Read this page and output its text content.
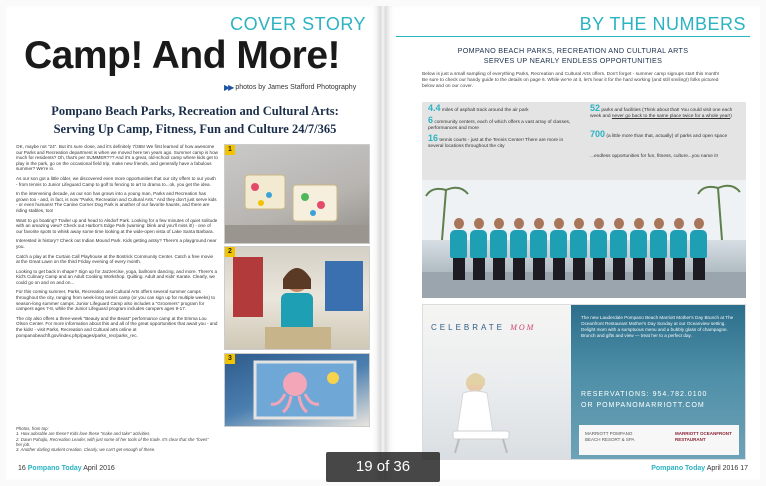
COVER STORY
Camp! And More!
▶▶ photos by James Stafford Photography
Pompano Beach Parks, Recreation and Cultural Arts:
Serving Up Camp, Fitness, Fun and Culture 24/7/365

OK, maybe not "24". But it's sure close, and it's definitely 7/365! We first learned of how awesome our Parks and Recreation department is when we moved here ten years ago. Summer camp is how much for residents? Oh, that's per SUMMER??? And it's a great, old-school camp where kids get to play in the park, go on the occasional field trip, make new friends, and generally have a fabulous summer? We're in.

As our son got a little older, we discovered even more opportunities that our city offers to our youth - from tennis to Junior Lifeguard Camp to golf to fencing to art to drama to...ok, you get the idea.

In the intervening decade, as our son has grown into a young man, Parks and Recreation has grown too - and, in fact, is now "Parks, Recreation and Cultural Arts." And they don't just serve kids - or even humans! The Canine Corner Dog Park is another of our favorite haunts, and there are riding stables, too!

Want to go boating? Trailer up and head to Alsdorf Park. Looking for a few minutes of quiet solitude with an amazing view? Check out Harbor's Edge Park (warning: blink and you'll miss it!) - one of our favorite spots to whisk away some time looking at the wide-open vista of Lake Santa Barbara.

Interested in history? Check out Indian Mound Park. Kids getting antsy? There's a playground near you.

Catch a play at the Curtain Call Playhouse at the Bostrick Community Center. Catch a free movie at the Great Lawn on the third Friday evening of every month.

Looking to get back in shape? Sign up for Jazzercise, yoga, ballroom dancing, and more. There's a Kid's Culinary Camp and an Adult Cooking Workshop. Quilting. Adult and Kids' Karate. Clearly, we could go on and on and on...

For this coming summer, Parks, Recreation and Cultural Arts offers several summer camps throughout the city, ranging from week-long tennis camp (or you can sign up for multiple weeks) to season-long summer camps. Junior Lifeguard Camp also includes a "Groomers" program for campers ages 7-8, while the Junior Lifeguard program includes campers ages 9-17.

The city also offers a three-week "Beauty and the Beast" performance camp at the Emma Lou Olson Center. For more information about this and all of the great opportunities that await you - and the kids! - visit Parks, Recreation and Cultural arts online at pompanobeachfl.gov/index.php/pages/parks_rec/parks_rec.

Photos, from top:
1. How adorable are these? Kids love these "make and take" activities.
2. Dawn Pahajlo, Recreation Leader, with just some of her tools of the trade. It's clear that she "loves" her job.
3. Another darling student creation. Clearly, we can't get enough of these.
1
2
3
16 Pompano Today April 2016
BY THE NUMBERS
POMPANO BEACH PARKS, RECREATION AND CULTURAL ARTS
SERVES UP NEARLY ENDLESS OPPORTUNITIES
Below is just a small sampling of everything Parks, Recreation and Cultural Arts offers. Don't forget - summer camp signups start this month! Be sure to check our handy guide to the details on page 6. While we're at it, let's hear it for the hard working (and still smiling!) folks pictured below and on our cover.
4.4 miles of asphalt track around the air park
6 community centers, each of which offers a vast array of classes, performances and more
16 tennis courts - just at the Tennis Center! There are more in several locations throughout the city
52 parks and facilities (Think about that! You could visit one each week and never go back to the same place twice for a whole year!)
700 (a little more than that, actually) of parks and open space
...endless opportunities for fun, fitness, culture...you name it!
CELEBRATE MOM
The new Lauderdale Pompano Beach Marriott Mother's Day Brunch at The Oceanfront Restaurant Mother's Day Sunday at our Oceanview setting. Delight mom with a sumptuous menu and a bubbly glass of champagne. Brunch and gifts and view — treat her to a perfect day.
RESERVATIONS: 954.782.0100
OR POMPANOMARRIOTT.COM
MARRIOTT POMPANO BEACH RESORT & SPA
MARRIOTT OCEANFRONT RESTAURANT
Pompano Today April 2016 17
19 of 36
